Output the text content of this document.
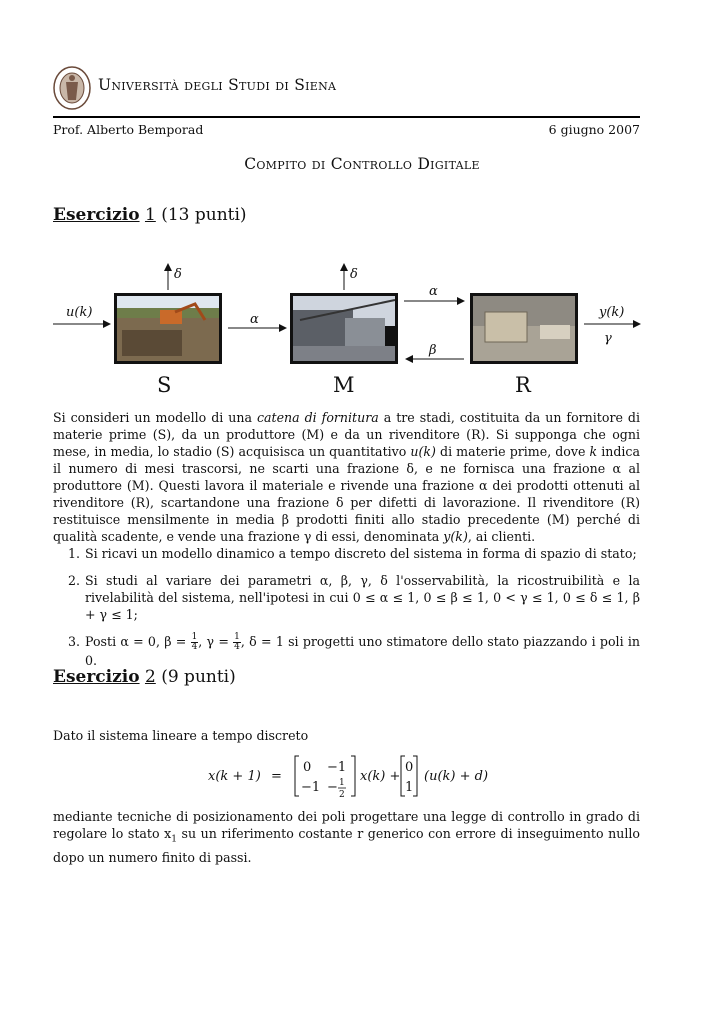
Università degli Studi di Siena
Prof. Alberto Bemporad	6 giugno 2007
Compito di Controllo Digitale
Esercizio 1 (13 punti)
δ	δ
u(k)	α
α
β
y(k)
γ
S	M	R
Si consideri un modello di una catena di fornitura a tre stadi, costituita da un fornitore di materie prime (S), da un produttore (M) e da un rivenditore (R). Si supponga che ogni mese, in media, lo stadio (S) acquisisca un quantitativo u(k) di materie prime, dove k indica il numero di mesi trascorsi, ne scarti una frazione δ, e ne fornisca una frazione α al produttore (M). Questi lavora il materiale e rivende una frazione α dei prodotti ottenuti al rivenditore (R), scartandone una frazione δ per difetti di lavorazione. Il rivenditore (R) restituisce mensilmente in media β prodotti finiti allo stadio precedente (M) perché di qualità scadente, e vende una frazione γ di essi, denominata y(k), ai clienti.
1. Si ricavi un modello dinamico a tempo discreto del sistema in forma di spazio di stato;
2. Si studi al variare dei parametri α, β, γ, δ l'osservabilità, la ricostruibilità e la rivelabilità del sistema, nell'ipotesi in cui 0 ≤ α ≤ 1, 0 ≤ β ≤ 1, 0 < γ ≤ 1, 0 ≤ δ ≤ 1, β + γ ≤ 1;
3. Posti α = 0, $\beta = \frac{1}{4}$ , $\gamma = \frac{1}{4}$ , δ = 1 si progetti uno stimatore dello stato piazzando i poli in 0.
Esercizio 2 (9 punti)
Dato il sistema lineare a tempo discreto
x(k + 1) =
0 −1
−1 − 1
2
x(k) +
0
1
(u(k) + d)
mediante tecniche di posizionamento dei poli progettare una legge di controllo in grado di regolare lo stato $x_1$ su un riferimento costante r generico con errore di inseguimento nullo dopo un numero finito di passi.
